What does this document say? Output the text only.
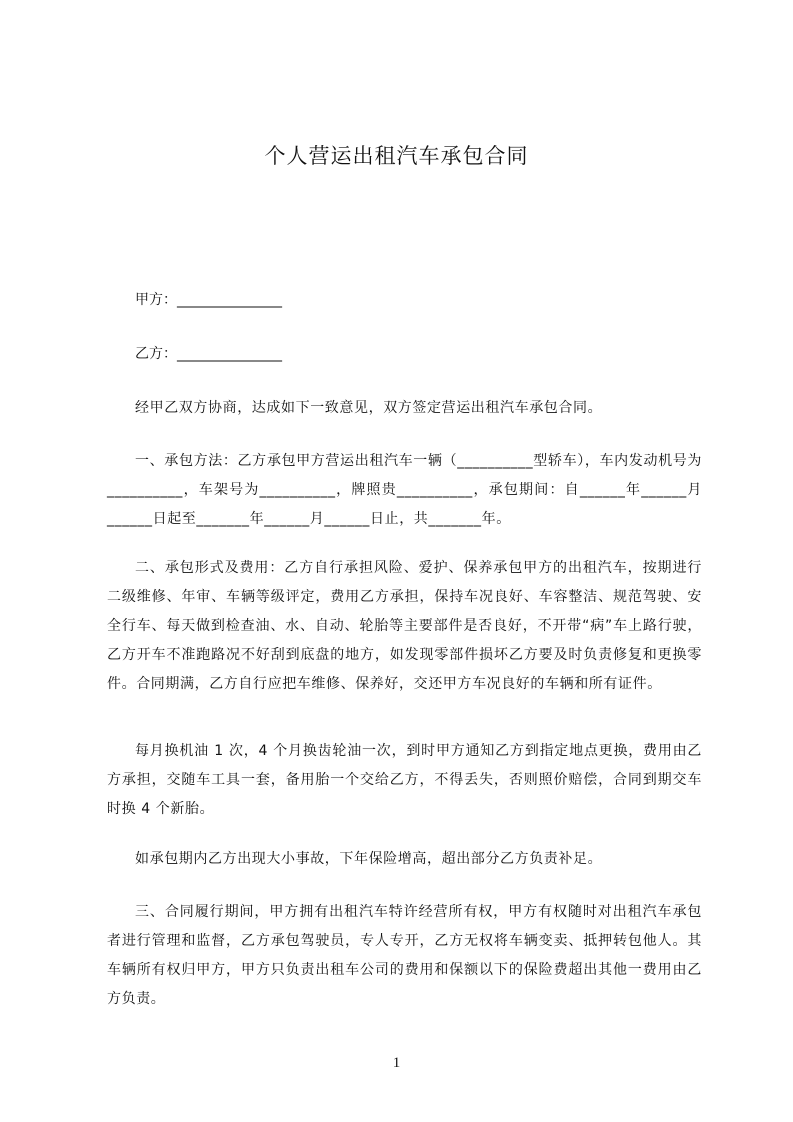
个人营运出租汽车承包合同
甲方：_______________
乙方：_______________

经甲乙双方协商，达成如下一致意见，双方签定营运出租汽车承包合同。

一、承包方法：乙方承包甲方营运出租汽车一辆（__________型轿车），车内发动机号为__________，车架号为__________，牌照贵__________，承包期间：自______年______月______日起至_______年______月______日止，共_______年。

二、承包形式及费用：乙方自行承担风险、爱护、保养承包甲方的出租汽车，按期进行二级维修、年审、车辆等级评定，费用乙方承担，保持车况良好、车容整洁、规范驾驶、安全行车、每天做到检查油、水、自动、轮胎等主要部件是否良好，不开带“病”车上路行驶，乙方开车不准跑路况不好刮到底盘的地方，如发现零部件损坏乙方要及时负责修复和更换零件。合同期满，乙方自行应把车维修、保养好，交还甲方车况良好的车辆和所有证件。

每月换机油 1 次，4 个月换齿轮油一次，到时甲方通知乙方到指定地点更换，费用由乙方承担，交随车工具一套，备用胎一个交给乙方，不得丢失，否则照价赔偿，合同到期交车时换 4 个新胎。

如承包期内乙方出现大小事故，下年保险增高，超出部分乙方负责补足。

三、合同履行期间，甲方拥有出租汽车特许经营所有权，甲方有权随时对出租汽车承包者进行管理和监督，乙方承包驾驶员，专人专开，乙方无权将车辆变卖、抵押转包他人。其车辆所有权归甲方，甲方只负责出租车公司的费用和保额以下的保险费超出其他一费用由乙方负责。

1
